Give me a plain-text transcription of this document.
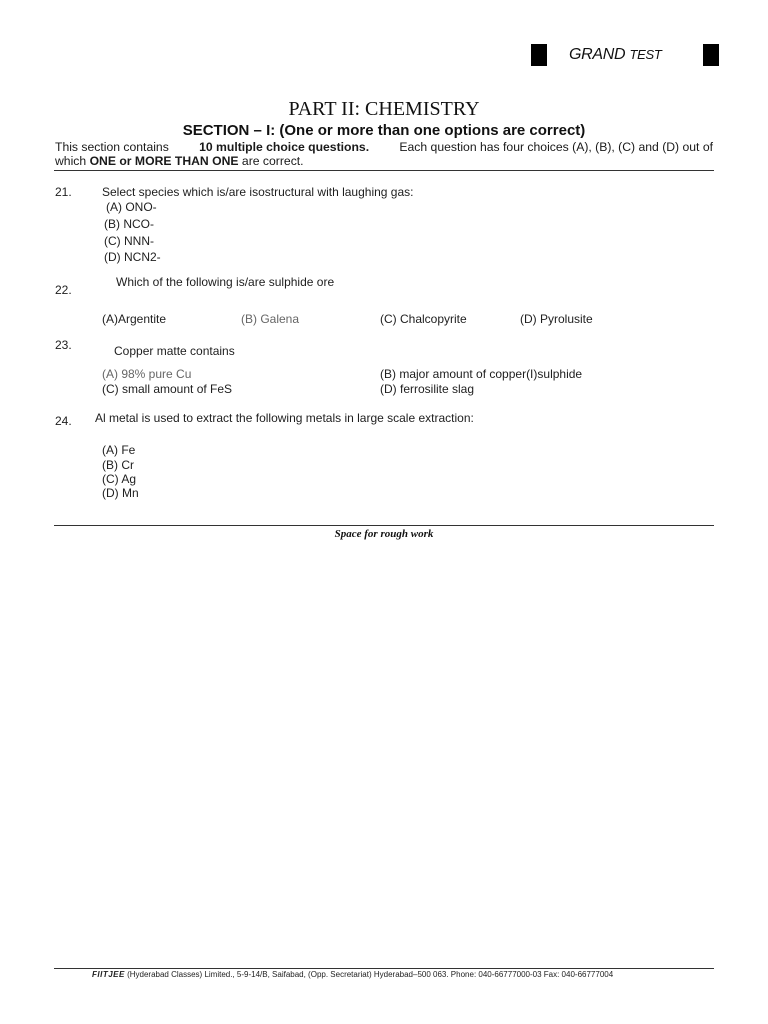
GRAND TEST
PART II: CHEMISTRY
SECTION – I: (One or more than one options are correct)
This section contains 10 multiple choice questions. Each question has four choices (A), (B), (C) and (D) out of
which ONE or MORE THAN ONE are correct.
21.	Select species which is/are isostructural with laughing gas:
(A) ONO-
(B) NCO-
(C) NNN-
(D) NCN2-
Which of the following is/are sulphide ore
22.
(A)Argentite	(B) Galena	(C) Chalcopyrite	(D) Pyrolusite
23.	Copper matte contains
(A) 98% pure Cu	(B) major amount of copper(I)sulphide
(C) small amount of FeS	(D) ferrosilite slag
Al metal is used to extract the following metals in large scale extraction:
24.
(A) Fe
(B) Cr
(C) Ag
(D) Mn
Space for rough work
FIITJEE (Hyderabad Classes) Limited., 5-9-14/B, Saifabad, (Opp. Secretariat) Hyderabad–500 063. Phone: 040-66777000-03 Fax: 040-66777004
